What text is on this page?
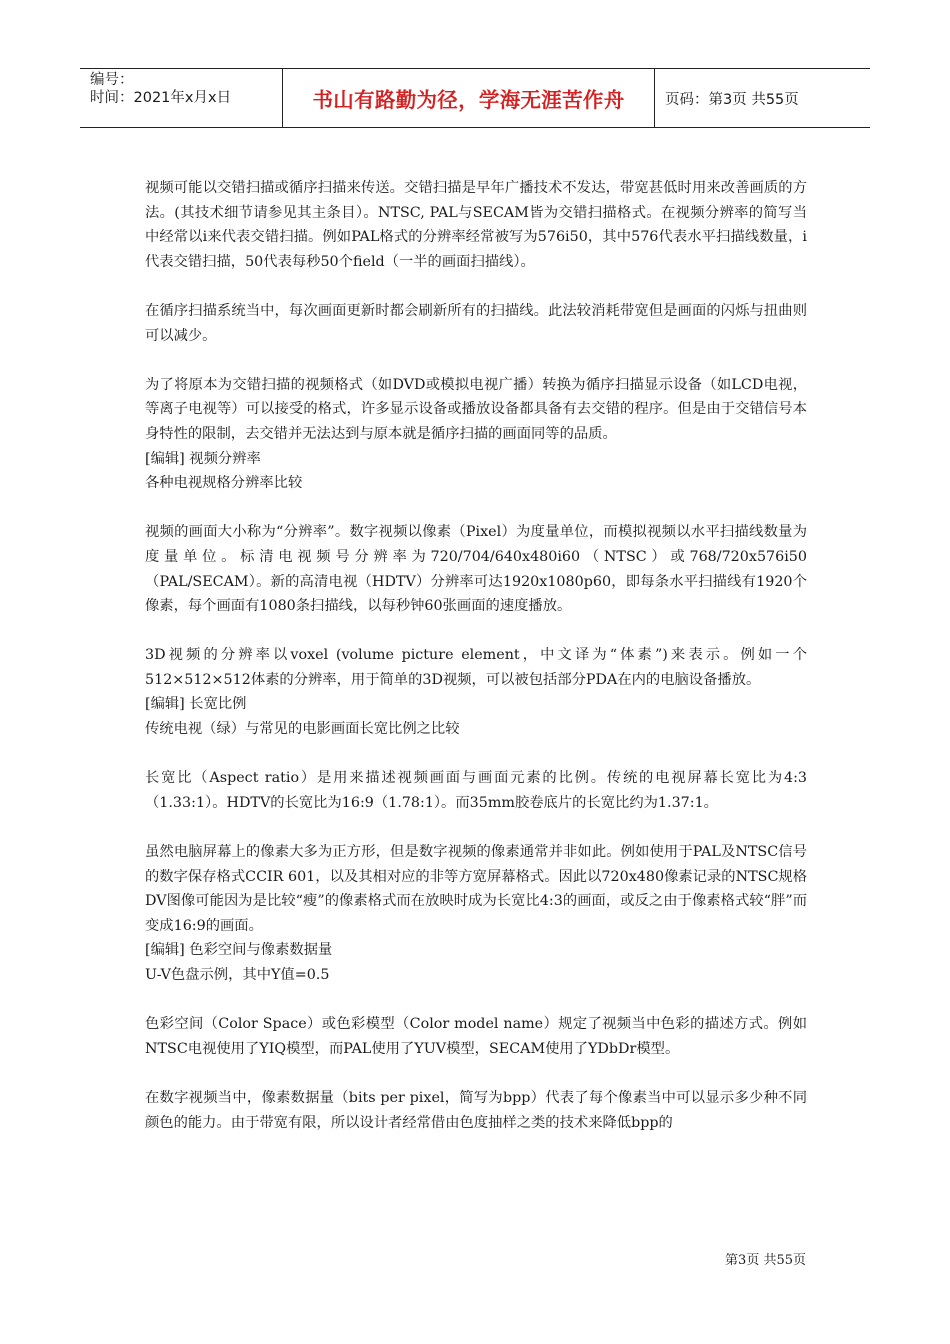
编号：
时间：2021年x月x日	书山有路勤为径，学海无涯苦作舟	页码：第3页 共55页

视频可能以交错扫描或循序扫描来传送。交错扫描是早年广播技术不发达，带宽甚低时用来改善画质的方法。(其技术细节请参见其主条目）。NTSC, PAL与SECAM皆为交错扫描格式。在视频分辨率的简写当中经常以i来代表交错扫描。例如PAL格式的分辨率经常被写为576i50，其中576代表水平扫描线数量，i代表交错扫描，50代表每秒50个field（一半的画面扫描线）。

在循序扫描系统当中，每次画面更新时都会刷新所有的扫描线。此法较消耗带宽但是画面的闪烁与扭曲则可以减少。

为了将原本为交错扫描的视频格式（如DVD或模拟电视广播）转换为循序扫描显示设备（如LCD电视，等离子电视等）可以接受的格式，许多显示设备或播放设备都具备有去交错的程序。但是由于交错信号本身特性的限制，去交错并无法达到与原本就是循序扫描的画面同等的品质。

[编辑] 视频分辨率

各种电视规格分辨率比较

视频的画面大小称为“分辨率”。数字视频以像素（Pixel）为度量单位，而模拟视频以水平扫描线数量为度量单位。标清电视频号分辨率为720/704/640x480i60（NTSC）或768/720x576i50（PAL/SECAM）。新的高清电视（HDTV）分辨率可达1920x1080p60，即每条水平扫描线有1920个像素，每个画面有1080条扫描线，以每秒钟60张画面的速度播放。

3D视频的分辨率以voxel (volume picture element，中文译为“体素”)来表示。例如一个512×512×512体素的分辨率，用于简单的3D视频，可以被包括部分PDA在内的电脑设备播放。

[编辑] 长宽比例

传统电视（绿）与常见的电影画面长宽比例之比较

长宽比（Aspect ratio）是用来描述视频画面与画面元素的比例。传统的电视屏幕长宽比为4:3（1.33:1）。HDTV的长宽比为16:9（1.78:1）。而35mm胶卷底片的长宽比约为1.37:1。

虽然电脑屏幕上的像素大多为正方形，但是数字视频的像素通常并非如此。例如使用于PAL及NTSC信号的数字保存格式CCIR 601，以及其相对应的非等方宽屏幕格式。因此以720x480像素记录的NTSC规格DV图像可能因为是比较“瘦”的像素格式而在放映时成为长宽比4:3的画面，或反之由于像素格式较“胖”而变成16:9的画面。

[编辑] 色彩空间与像素数据量

U-V色盘示例，其中Y值=0.5

色彩空间（Color Space）或色彩模型（Color model name）规定了视频当中色彩的描述方式。例如NTSC电视使用了YIQ模型，而PAL使用了YUV模型，SECAM使用了YDbDr模型。

在数字视频当中，像素数据量（bits per pixel，简写为bpp）代表了每个像素当中可以显示多少种不同颜色的能力。由于带宽有限，所以设计者经常借由色度抽样之类的技术来降低bpp的

第3页 共55页
